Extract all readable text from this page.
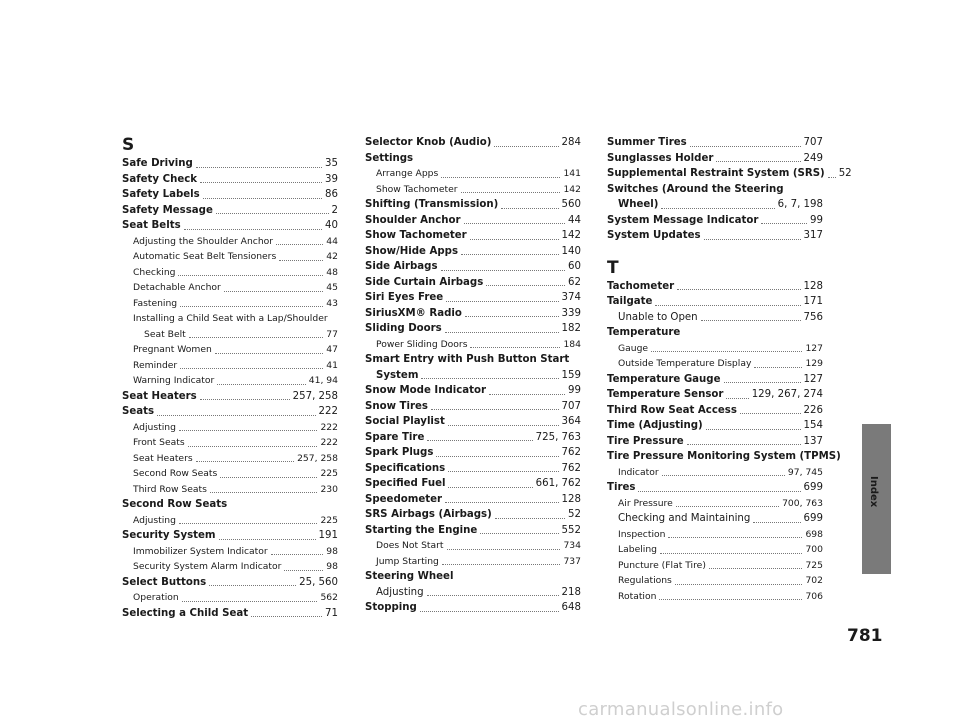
S
Safe Driving	35
Safety Check	39
Safety Labels	86
Safety Message	2
Seat Belts	40
Adjusting the Shoulder Anchor	44
Automatic Seat Belt Tensioners	42
Checking	48
Detachable Anchor	45
Fastening	43
Installing a Child Seat with a Lap/Shoulder
Seat Belt	77
Pregnant Women	47
Reminder	41
Warning Indicator	41, 94
Seat Heaters	257, 258
Seats	222
Adjusting	222
Front Seats	222
Seat Heaters	257, 258
Second Row Seats	225
Third Row Seats	230
Second Row Seats
Adjusting	225
Security System	191
Immobilizer System Indicator	98
Security System Alarm Indicator	98
Select Buttons	25, 560
Operation	562
Selecting a Child Seat	71
Selector Knob (Audio)	284
Settings
Arrange Apps	141
Show Tachometer	142
Shifting (Transmission)	560
Shoulder Anchor	44
Show Tachometer	142
Show/Hide Apps	140
Side Airbags	60
Side Curtain Airbags	62
Siri Eyes Free	374
SiriusXM® Radio	339
Sliding Doors	182
Power Sliding Doors	184
Smart Entry with Push Button Start
System	159
Snow Mode Indicator	99
Snow Tires	707
Social Playlist	364
Spare Tire	725, 763
Spark Plugs	762
Specifications	762
Specified Fuel	661, 762
Speedometer	128
SRS Airbags (Airbags)	52
Starting the Engine	552
Does Not Start	734
Jump Starting	737
Steering Wheel
Adjusting	218
Stopping	648
Summer Tires	707
Sunglasses Holder	249
Supplemental Restraint System (SRS) 52
Switches (Around the Steering
Wheel)	6, 7, 198
System Message Indicator	99
System Updates	317
T
Tachometer	128
Tailgate	171
Unable to Open	756
Temperature
Gauge	127
Outside Temperature Display	129
Temperature Gauge	127
Temperature Sensor	129, 267, 274
Third Row Seat Access	226
Time (Adjusting)	154
Tire Pressure	137
Tire Pressure Monitoring System (TPMS)
Indicator	97, 745
Tires	699
Air Pressure	700, 763
Checking and Maintaining	699
Inspection	698
Labeling	700
Puncture (Flat Tire)	725
Regulations	702
Rotation	706
Index
781
carmanualsonline.info
